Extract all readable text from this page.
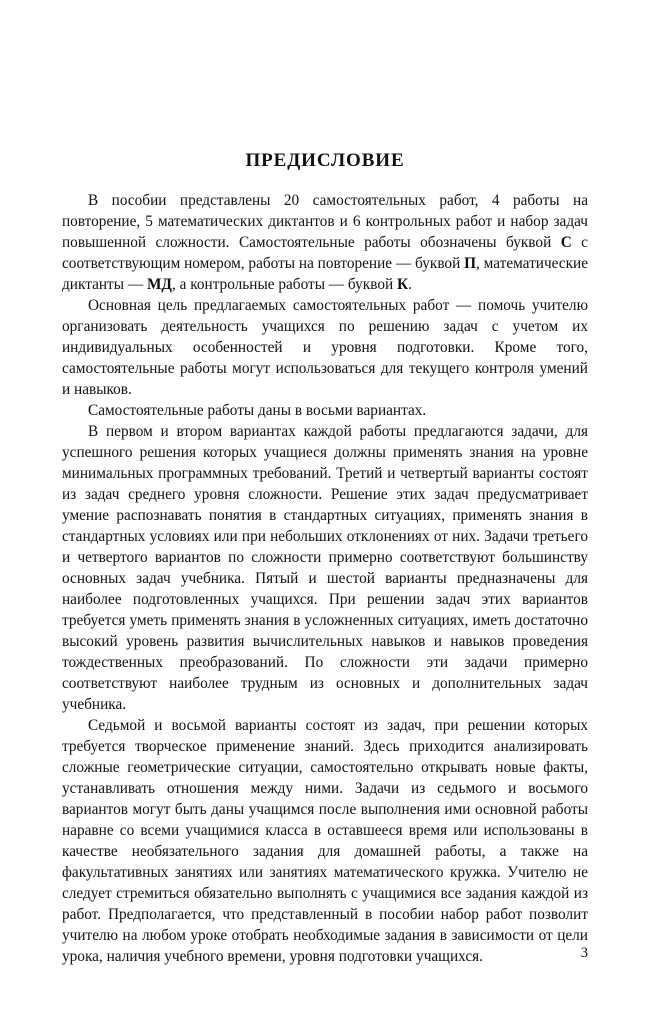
ПРЕДИСЛОВИЕ

В пособии представлены 20 самостоятельных работ, 4 работы на повторение, 5 математических диктантов и 6 контрольных работ и набор задач повышенной сложности. Самостоятельные работы обозначены буквой С с соответствующим номером, работы на повторение — буквой П, математические диктанты — МД, а контрольные работы — буквой К.

Основная цель предлагаемых самостоятельных работ — помочь учителю организовать деятельность учащихся по решению задач с учетом их индивидуальных особенностей и уровня подготовки. Кроме того, самостоятельные работы могут использоваться для текущего контроля умений и навыков.

Самостоятельные работы даны в восьми вариантах.

В первом и втором вариантах каждой работы предлагаются задачи, для успешного решения которых учащиеся должны применять знания на уровне минимальных программных требований. Третий и четвертый варианты состоят из задач среднего уровня сложности. Решение этих задач предусматривает умение распознавать понятия в стандартных ситуациях, применять знания в стандартных условиях или при небольших отклонениях от них. Задачи третьего и четвертого вариантов по сложности примерно соответствуют большинству основных задач учебника. Пятый и шестой варианты предназначены для наиболее подготовленных учащихся. При решении задач этих вариантов требуется уметь применять знания в усложненных ситуациях, иметь достаточно высокий уровень развития вычислительных навыков и навыков проведения тождественных преобразований. По сложности эти задачи примерно соответствуют наиболее трудным из основных и дополнительных задач учебника.

Седьмой и восьмой варианты состоят из задач, при решении которых требуется творческое применение знаний. Здесь приходится анализировать сложные геометрические ситуации, самостоятельно открывать новые факты, устанавливать отношения между ними. Задачи из седьмого и восьмого вариантов могут быть даны учащимся после выполнения ими основной работы наравне со всеми учащимися класса в оставшееся время или использованы в качестве необязательного задания для домашней работы, а также на факультативных занятиях или занятиях математического кружка. Учителю не следует стремиться обязательно выполнять с учащимися все задания каждой из работ. Предполагается, что представленный в пособии набор работ позволит учителю на любом уроке отобрать необходимые задания в зависимости от цели урока, наличия учебного времени, уровня подготовки учащихся.	3
